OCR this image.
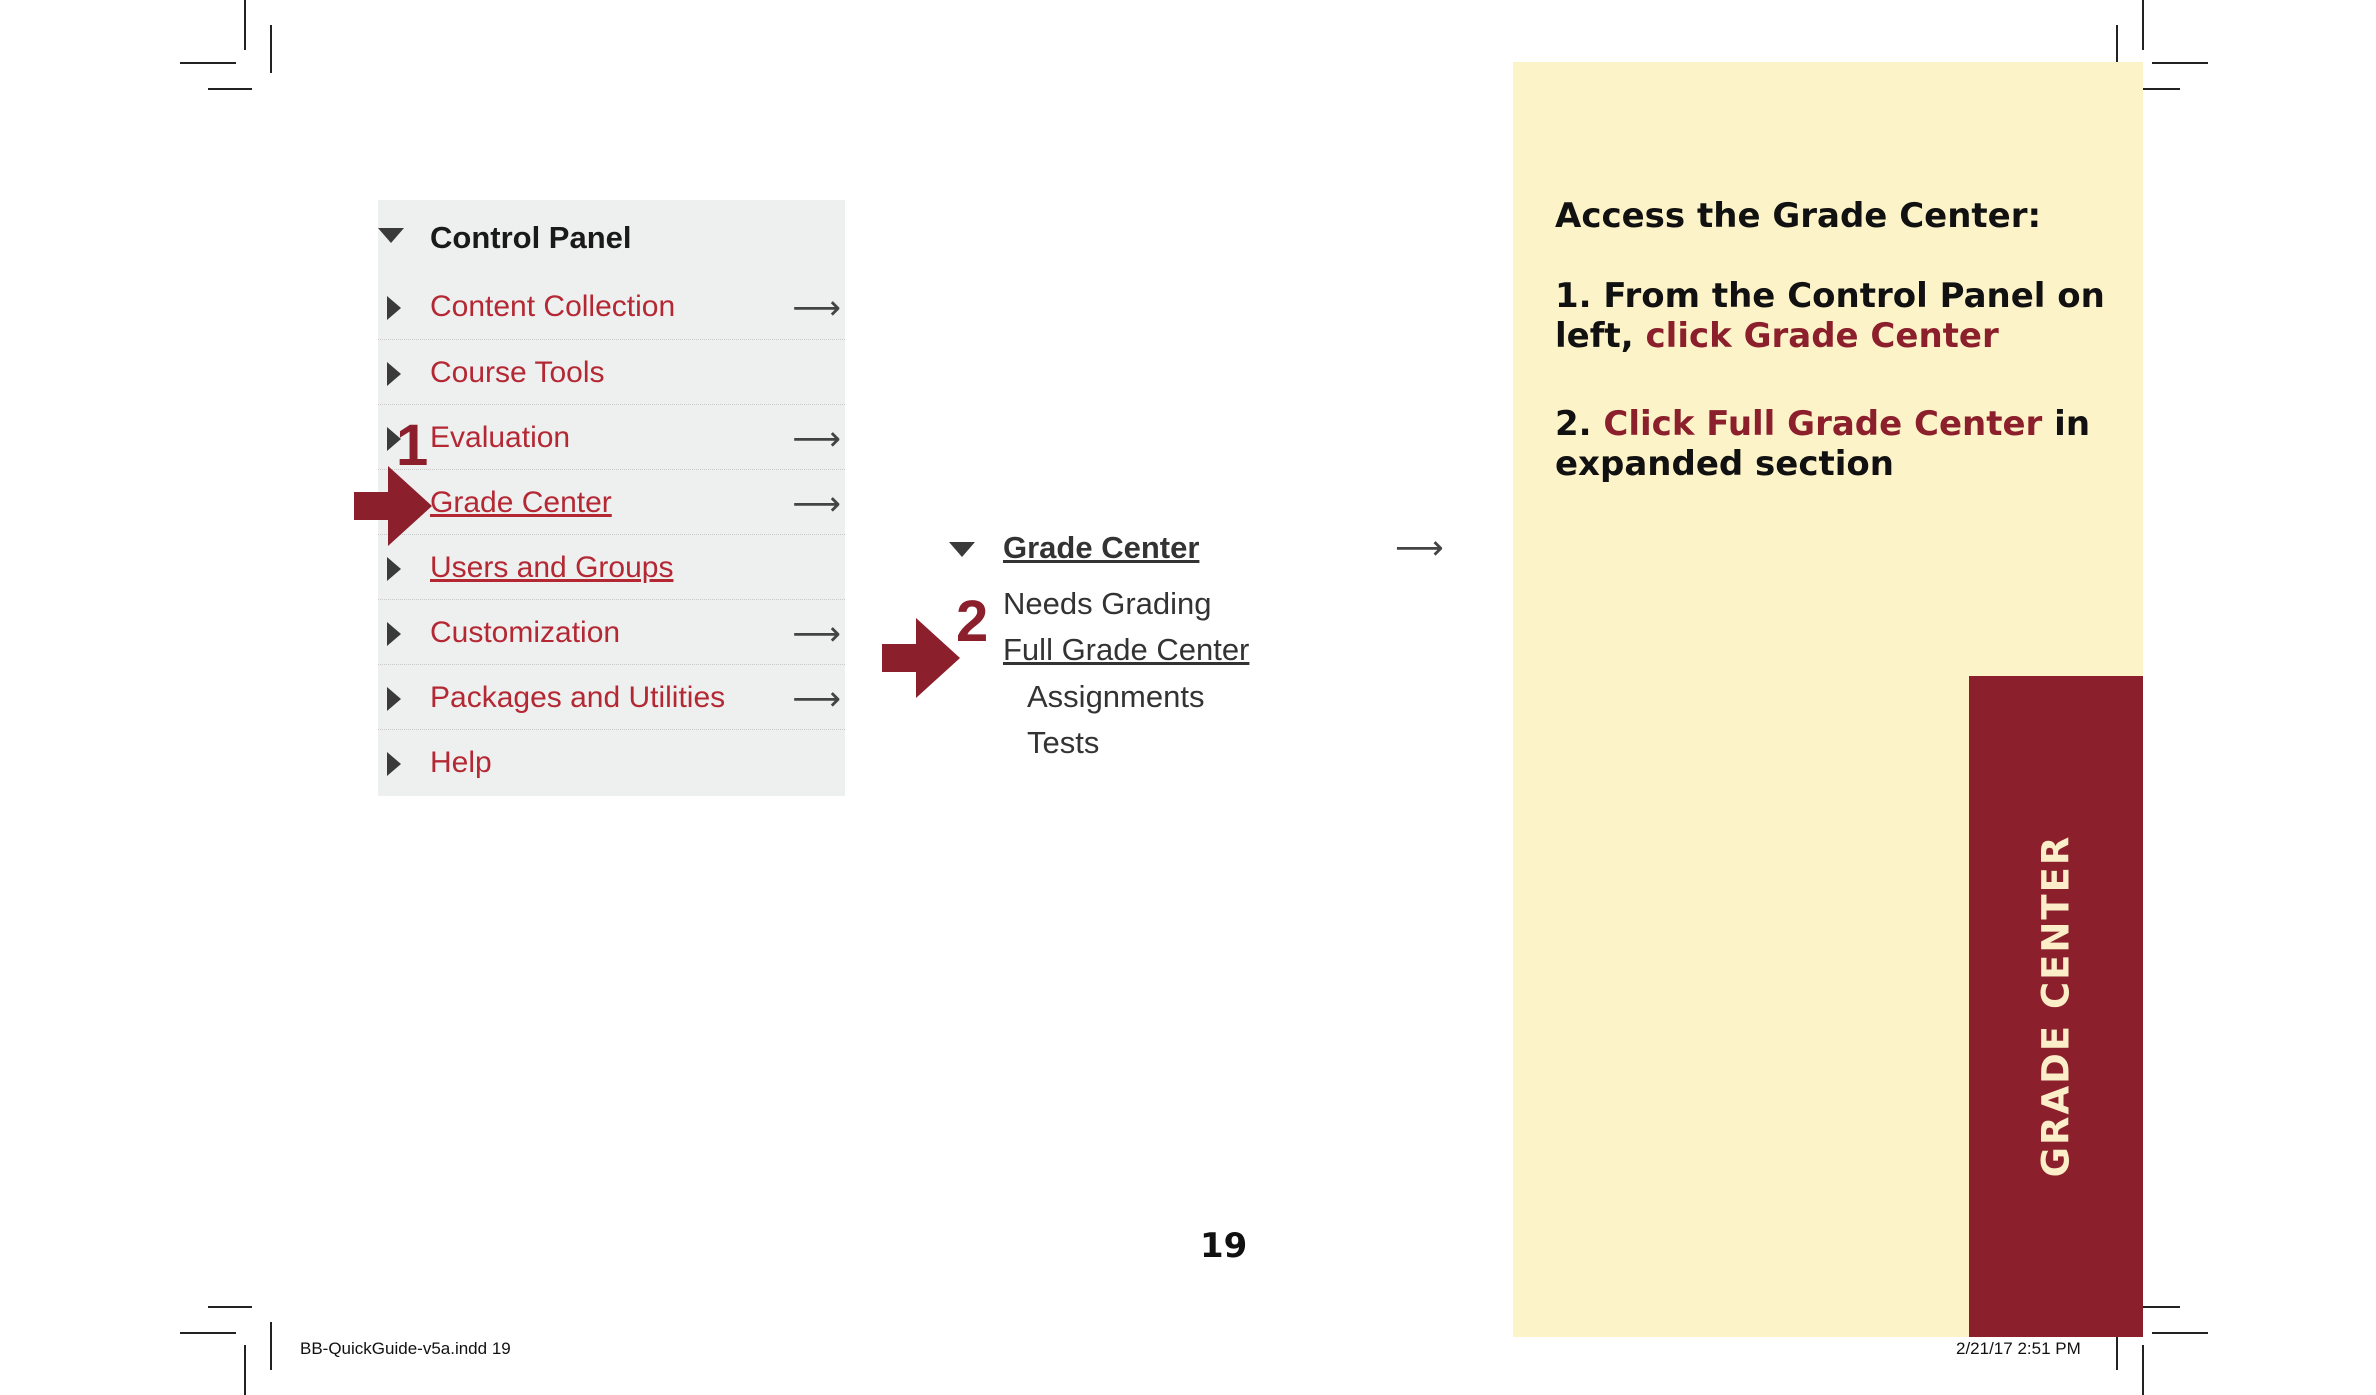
Control Panel
Content Collection	⟶
Course Tools
Evaluation	⟶
Grade Center	⟶
Users and Groups
Customization	⟶
Packages and Utilities ⟶
Help
1
2
Grade Center	⟶
Needs Grading
Full Grade Center
Assignments
Tests
Access the Grade Center:
1. From the Control Panel on left, click Grade Center
2. Click Full Grade Center in expanded section
GRADE CENTER
19
BB-QuickGuide-v5a.indd 19	2/21/17 2:51 PM
